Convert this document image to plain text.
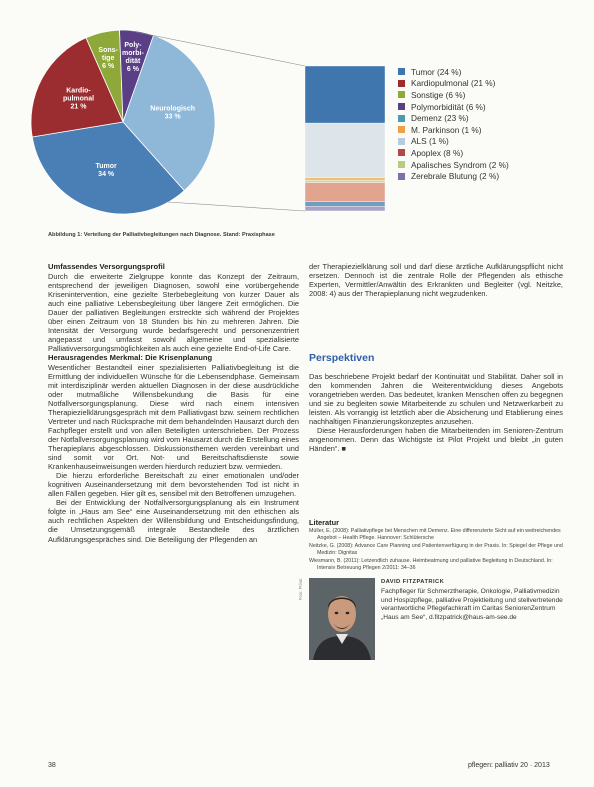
Sons-tige 6 %
Poly-morbi-dität 6 %
Neurologisch 33 %
Tumor 34 %
Kardio-pulmonal 21 %
Tumor (24 %)
Kardiopulmonal (21 %)
Sonstige (6 %)
Polymorbidität (6 %)
Demenz (23 %)
M. Parkinson (1 %)
ALS (1 %)
Apoplex (8 %)
Apalisches Syndrom (2 %)
Zerebrale Blutung (2 %)
Abbildung 1: Verteilung der Palliativbegleitungen nach Diagnose. Stand: Praxisphase
Umfassendes Versorgungsprofil

Durch die erweiterte Zielgruppe konnte das Konzept der Zeitraum, entsprechend der jeweiligen Diagnosen, sowohl eine vorübergehende Krisenintervention, eine gezielte Sterbebegleitung von kurzer Dauer als auch eine palliative Lebensbegleitung über längere Zeit ermöglichen. Die Dauer der palliativen Begleitungen erstreckte sich während der Projektes über einen Zeitraum von 18 Stunden bis hin zu mehreren Jahren. Die Intensität der Versorgung wurde bedarfsgerecht und personenzentriert angepasst und umfasst sowohl allgemeine und spezialisierte Palliativversorgungsmöglichkeiten als auch eine gezielte End-of-Life Care.

Herausragendes Merkmal: Die Krisenplanung

Wesentlicher Bestandteil einer spezialisierten Palliativbegleitung ist die Ermittlung der individuellen Wünsche für die Lebensendphase. Gemeinsam mit interdisziplinär werden aktuellen Diagnosen in der diese ausdrückliche oder mutmaßliche Willensbekundung die Basis für eine Notfallversorgungsplanung. Diese wird nach einem intensiven Therapiezielklärungsgespräch mit dem Palliativgast bzw. seinem rechtlichen Vertreter und nach Rücksprache mit dem behandelnden Hausarzt durch den Fachpfleger erstellt und von allen Beteiligten unterschrieben. Der Prozess der Notfallversorgungsplanung wird vom Hausarzt durch die Erstellung eines Therapieplans abgeschlossen. Diskussionsthemen werden vereinbart und sind somit vor Ort. Not- und Bereitschaftsdienste sowie Krankenhauseinweisungen werden hierdurch reduziert bzw. vermieden.

Die hierzu erforderliche Bereitschaft zu einer emotionalen und/oder kognitiven Auseinandersetzung mit dem bevorstehenden Tod ist nicht in allen Fällen gegeben. Hier gilt es, sensibel mit den Betroffenen umzugehen.

Bei der Entwicklung der Notfallversorgungsplanung als ein Instrument folgte in „Haus am See“ eine Auseinandersetzung mit den ethischen als auch rechtlichen Aspekten der Willensbildung und Entscheidungsfindung, die Umsetzungsgemäß integrale Bestandteile des ärztlichen Aufklärungsgespräches sind. Die Beteiligung der Pflegenden an

der Therapiezielklärung soll und darf diese ärztliche Aufklärungspflicht nicht ersetzen. Dennoch ist die zentrale Rolle der Pflegenden als ethische Experten, Vermittler/Anwältin des Erkrankten und Begleiter (vgl. Neitzke, 2008: 4) aus der Therapieplanung nicht wegzudenken.

Perspektiven

Das beschriebene Projekt bedarf der Kontinuität und Stabilität. Daher soll in den kommenden Jahren die Weiterentwicklung dieses Angebots vorangetrieben werden. Das bedeutet, kranken Menschen offen zu begegnen und sie zu begleiten sowie Mitarbeitende zu schulen und Netzwerkarbeit zu leisten. Als vorrangig ist letztlich aber die Absicherung und Etablierung eines nachhaltigen Finanzierungskonzeptes anzusehen.

Diese Herausforderungen haben die Mitarbeitenden im Senioren-Zentrum angenommen. Denn das Wichtigste ist Pilot Projekt und bleibt „in guten Händen“. ■

Literatur

Müller, E. (2008): Palliativpflege bei Menschen mit Demenz. Eine differenzierte Sicht auf ein weitreichendes Angebot – Health Pflege. Hannover: Schlütersche

Neitzke, G. (2008): Advance Care Planning und Patientenverfügung in der Praxis. In: Spiegel der Pflege und Medizin: Dignitas

Wiesmann, B. (2011): Letzendlich zuhause. Heimbeatmung und palliative Begleitung in Deutschland. In: Intensiv Betreuung Pflegen 2/2011: 34–36

Foto: Privat	DAVID FITZPATRICK
Fachpfleger für Schmerztherapie, Onkologie, Palliativmedizin und Hospizpflege, palliative Projektleitung und stellvertretende verantwortliche Pflegefachkraft im Caritas SeniorenZentrum „Haus am See“, d.fitzpatrick@haus-am-see.de
38	pflegen: palliativ 20 · 2013
